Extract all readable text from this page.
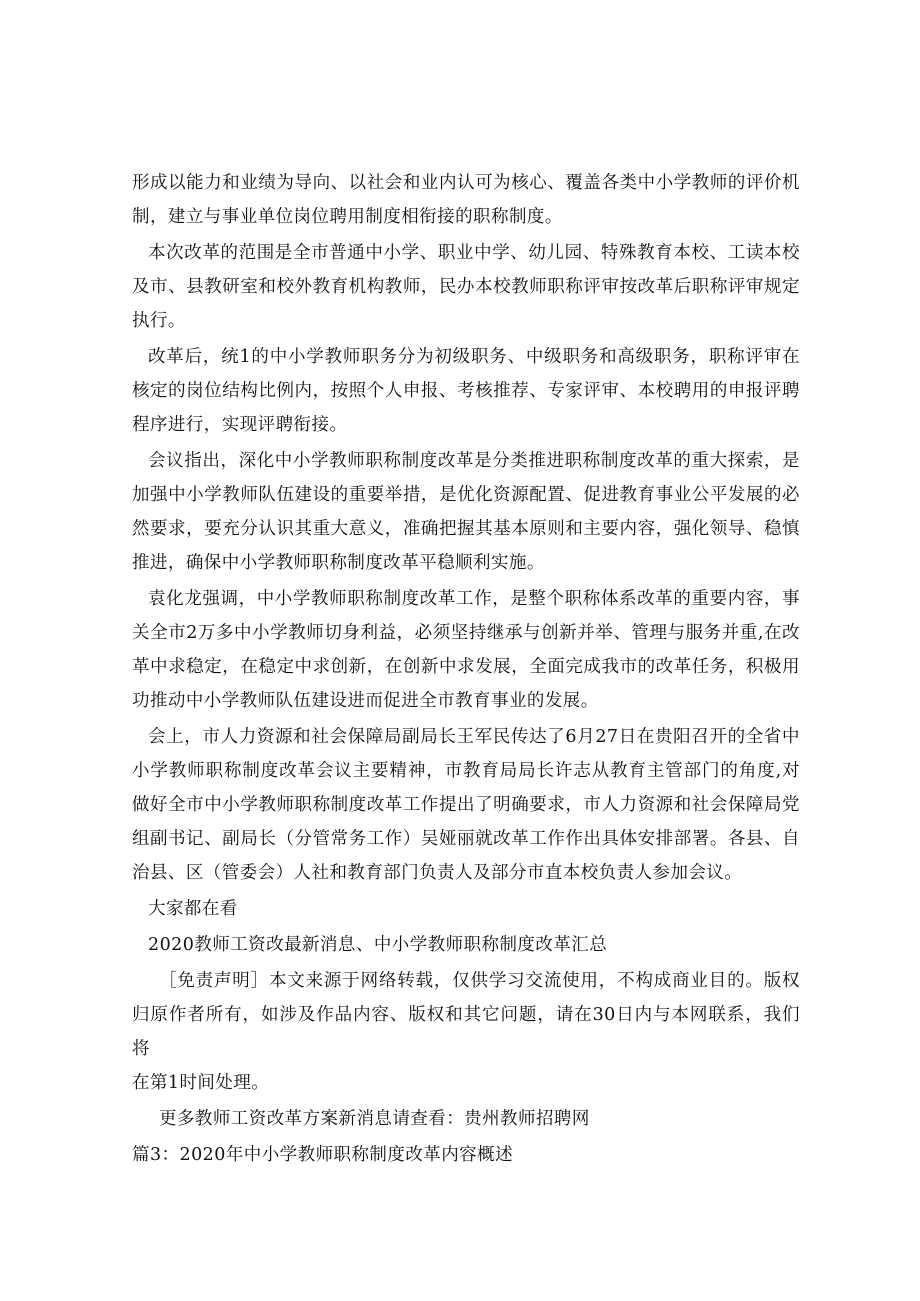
形成以能力和业绩为导向、以社会和业内认可为核心、覆盖各类中小学教师的评价机制，建立与事业单位岗位聘用制度相衔接的职称制度。

本次改革的范围是全市普通中小学、职业中学、幼儿园、特殊教育本校、工读本校及市、县教研室和校外教育机构教师，民办本校教师职称评审按改革后职称评审规定执行。

改革后，统1的中小学教师职务分为初级职务、中级职务和高级职务，职称评审在核定的岗位结构比例内，按照个人申报、考核推荐、专家评审、本校聘用的申报评聘程序进行，实现评聘衔接。

会议指出，深化中小学教师职称制度改革是分类推进职称制度改革的重大探索，是加强中小学教师队伍建设的重要举措，是优化资源配置、促进教育事业公平发展的必然要求，要充分认识其重大意义，准确把握其基本原则和主要内容，强化领导、稳慎推进，确保中小学教师职称制度改革平稳顺利实施。

袁化龙强调，中小学教师职称制度改革工作，是整个职称体系改革的重要内容，事关全市2万多中小学教师切身利益，必须坚持继承与创新并举、管理与服务并重,在改革中求稳定，在稳定中求创新，在创新中求发展，全面完成我市的改革任务，积极用功推动中小学教师队伍建设进而促进全市教育事业的发展。

会上，市人力资源和社会保障局副局长王军民传达了6月27日在贵阳召开的全省中小学教师职称制度改革会议主要精神，市教育局局长许志从教育主管部门的角度,对做好全市中小学教师职称制度改革工作提出了明确要求，市人力资源和社会保障局党组副书记、副局长（分管常务工作）吴娅丽就改革工作作出具体安排部署。各县、自治县、区（管委会）人社和教育部门负责人及部分市直本校负责人参加会议。

大家都在看

2020教师工资改最新消息、中小学教师职称制度改革汇总

［免责声明］本文来源于网络转载，仅供学习交流使用，不构成商业目的。版权归原作者所有，如涉及作品内容、版权和其它问题，请在30日内与本网联系，我们将

在第1时间处理。

更多教师工资改革方案新消息请查看：贵州教师招聘网

篇3：2020年中小学教师职称制度改革内容概述
